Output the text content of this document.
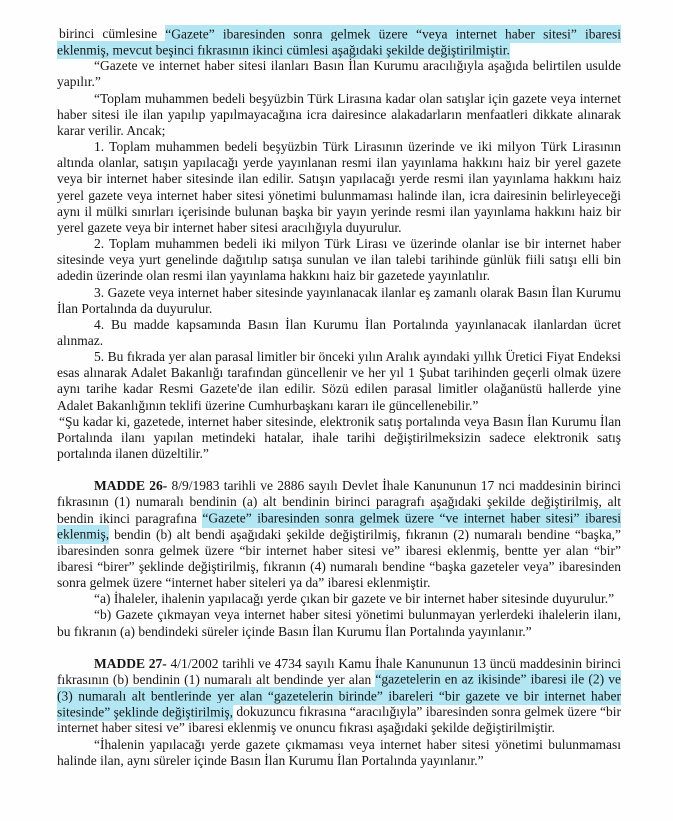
birinci cümlesine “Gazete” ibaresinden sonra gelmek üzere “veya internet haber sitesi” ibaresi eklenmiş, mevcut beşinci fıkrasının ikinci cümlesi aşağıdaki şekilde değiştirilmiştir.

“Gazete ve internet haber sitesi ilanları Basın İlan Kurumu aracılığıyla aşağıda belirtilen usulde yapılır.”

“Toplam muhammen bedeli beşyüzbin Türk Lirasına kadar olan satışlar için gazete veya internet haber sitesi ile ilan yapılıp yapılmayacağına icra dairesince alakadarların menfaatleri dikkate alınarak karar verilir. Ancak;

1. Toplam muhammen bedeli beşyüzbin Türk Lirasının üzerinde ve iki milyon Türk Lirasının altında olanlar, satışın yapılacağı yerde yayınlanan resmi ilan yayınlama hakkını haiz bir yerel gazete veya bir internet haber sitesinde ilan edilir. Satışın yapılacağı yerde resmi ilan yayınlama hakkını haiz yerel gazete veya internet haber sitesi yönetimi bulunmaması halinde ilan, icra dairesinin belirleyeceği aynı il mülki sınırları içerisinde bulunan başka bir yayın yerinde resmi ilan yayınlama hakkını haiz bir yerel gazete veya bir internet haber sitesi aracılığıyla duyurulur.

2. Toplam muhammen bedeli iki milyon Türk Lirası ve üzerinde olanlar ise bir internet haber sitesinde veya yurt genelinde dağıtılıp satışa sunulan ve ilan talebi tarihinde günlük fiili satışı elli bin adedin üzerinde olan resmi ilan yayınlama hakkını haiz bir gazetede yayınlatılır.

3. Gazete veya internet haber sitesinde yayınlanacak ilanlar eş zamanlı olarak Basın İlan Kurumu İlan Portalında da duyurulur.

4. Bu madde kapsamında Basın İlan Kurumu İlan Portalında yayınlanacak ilanlardan ücret alınmaz.

5. Bu fıkrada yer alan parasal limitler bir önceki yılın Aralık ayındaki yıllık Üretici Fiyat Endeksi esas alınarak Adalet Bakanlığı tarafından güncellenir ve her yıl 1 Şubat tarihinden geçerli olmak üzere aynı tarihe kadar Resmi Gazete'de ilan edilir. Sözü edilen parasal limitler olağanüstü hallerde yine Adalet Bakanlığının teklifi üzerine Cumhurbaşkanı kararı ile güncellenebilir.”

“Şu kadar ki, gazetede, internet haber sitesinde, elektronik satış portalında veya Basın İlan Kurumu İlan Portalında ilanı yapılan metindeki hatalar, ihale tarihi değiştirilmeksizin sadece elektronik satış portalında ilanen düzeltilir.”

MADDE 26- 8/9/1983 tarihli ve 2886 sayılı Devlet İhale Kanununun 17 nci maddesinin birinci fıkrasının (1) numaralı bendinin (a) alt bendinin birinci paragrafı aşağıdaki şekilde değiştirilmiş, alt bendin ikinci paragrafına “Gazete” ibaresinden sonra gelmek üzere “ve internet haber sitesi” ibaresi eklenmiş, bendin (b) alt bendi aşağıdaki şekilde değiştirilmiş, fıkranın (2) numaralı bendine “başka,” ibaresinden sonra gelmek üzere “bir internet haber sitesi ve” ibaresi eklenmiş, bentte yer alan “bir” ibaresi “birer” şeklinde değiştirilmiş, fıkranın (4) numaralı bendine “başka gazeteler veya” ibaresinden sonra gelmek üzere “internet haber siteleri ya da” ibaresi eklenmiştir.

“a) İhaleler, ihalenin yapılacağı yerde çıkan bir gazete ve bir internet haber sitesinde duyurulur.”

“b) Gazete çıkmayan veya internet haber sitesi yönetimi bulunmayan yerlerdeki ihalelerin ilanı, bu fıkranın (a) bendindeki süreler içinde Basın İlan Kurumu İlan Portalında yayınlanır.”

MADDE 27- 4/1/2002 tarihli ve 4734 sayılı Kamu İhale Kanununun 13 üncü maddesinin birinci fıkrasının (b) bendinin (1) numaralı alt bendinde yer alan “gazetelerin en az ikisinde” ibaresi ile (2) ve (3) numaralı alt bentlerinde yer alan “gazetelerin birinde” ibareleri “bir gazete ve bir internet haber sitesinde” şeklinde değiştirilmiş, dokuzuncu fıkrasına “aracılığıyla” ibaresinden sonra gelmek üzere “bir internet haber sitesi ve” ibaresi eklenmiş ve onuncu fıkrası aşağıdaki şekilde değiştirilmiştir.

“İhalenin yapılacağı yerde gazete çıkmaması veya internet haber sitesi yönetimi bulunmaması halinde ilan, aynı süreler içinde Basın İlan Kurumu İlan Portalında yayınlanır.”
